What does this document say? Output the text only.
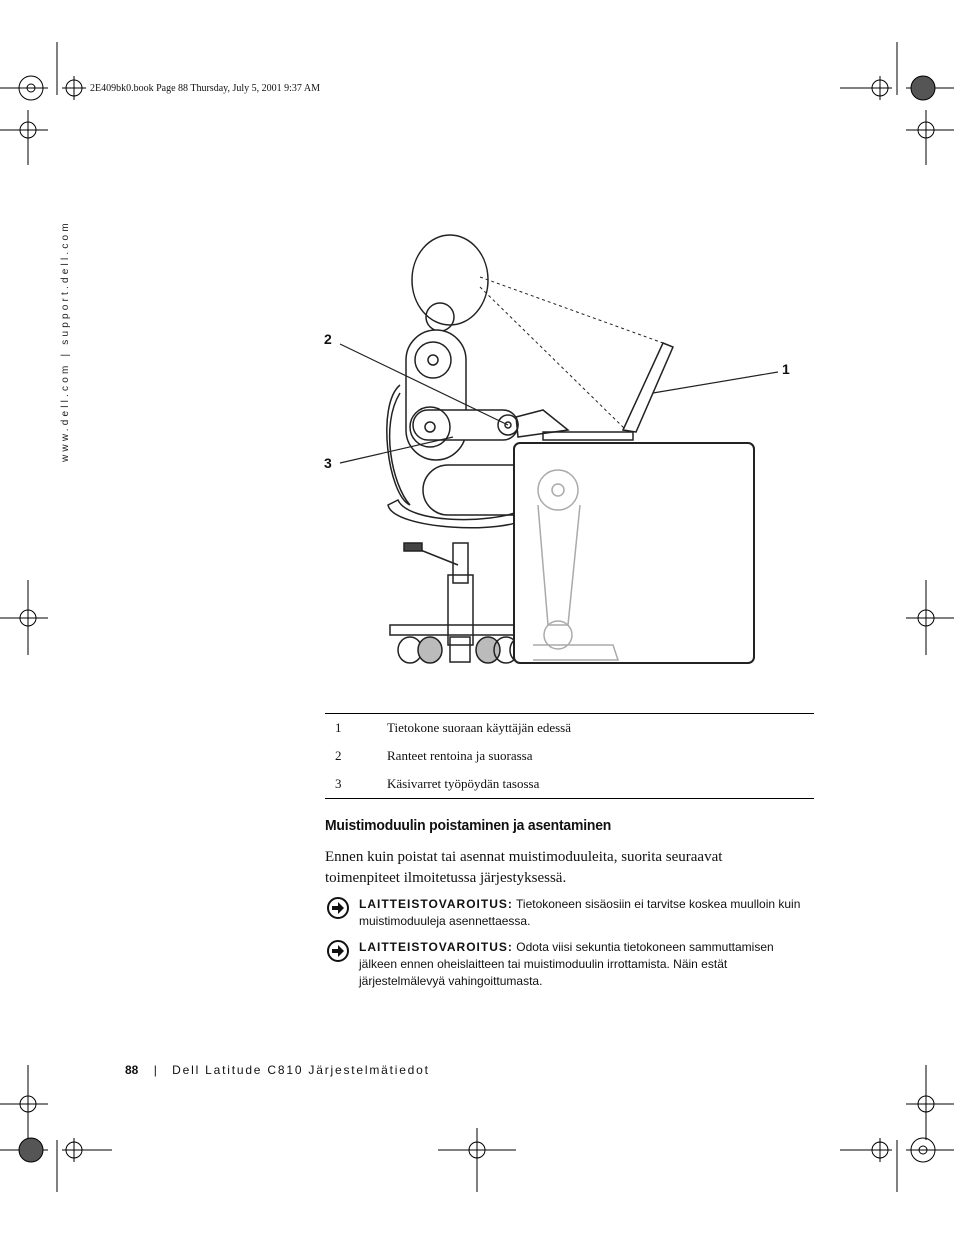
2E409bk0.book Page 88 Thursday, July 5, 2001 9:37 AM
www.dell.com | support.dell.com	1
2
3
1	Tietokone suoraan käyttäjän edessä
2	Ranteet rentoina ja suorassa
3	Käsivarret työpöydän tasossa
Muistimoduulin poistaminen ja asentaminen

Ennen kuin poistat tai asennat muistimoduuleita, suorita seuraavat toimenpiteet ilmoitetussa järjestyksessä.

LAITTEISTOVAROITUS: Tietokoneen sisäosiin ei tarvitse koskea muulloin kuin muistimoduuleja asennettaessa.
LAITTEISTOVAROITUS: Odota viisi sekuntia tietokoneen sammuttamisen jälkeen ennen oheislaitteen tai muistimoduulin irrottamista. Näin estät järjestelmälevyä vahingoittumasta.
88 | Dell Latitude C810 Järjestelmätiedot
